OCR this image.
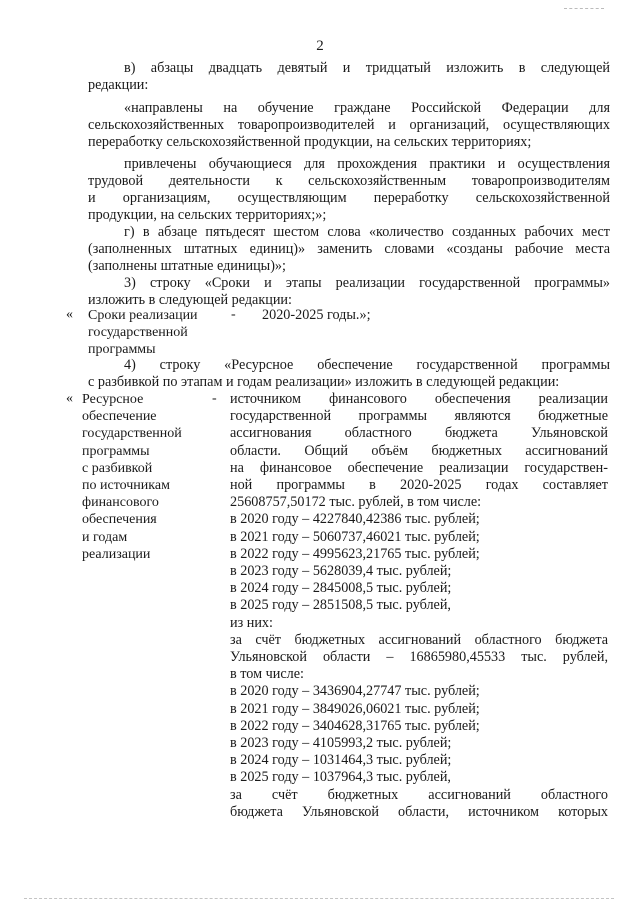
2

в) абзацы двадцать девятый и тридцатый изложить в следующей

редакции:

«направлены на обучение граждане Российской Федерации для

сельскохозяйственных товаропроизводителей и организаций, осуществляющих

переработку сельскохозяйственной продукции, на сельских территориях;

привлечены обучающиеся для прохождения практики и осуществления

трудовой деятельности к сельскохозяйственным товаропроизводителям

и организациям, осуществляющим переработку сельскохозяйственной

продукции, на сельских территориях;»;

г) в абзаце пятьдесят шестом слова «количество созданных рабочих мест

(заполненных штатных единиц)» заменить словами «созданы рабочие места

(заполнены штатные единицы)»;

3) строку «Сроки и этапы реализации государственной программы»

изложить в следующей редакции:

« Сроки реализации

государственной

программы

- 2020-2025 годы.»;

4) строку «Ресурсное обеспечение государственной программы

с разбивкой по этапам и годам реализации» изложить в следующей редакции:

« Ресурсное

обеспечение

государственной

программы

с разбивкой

по источникам

финансового

обеспечения

и годам

реализации

- источником финансового обеспечения реализации

государственной программы являются бюджетные

ассигнования областного бюджета Ульяновской

области. Общий объём бюджетных ассигнований

на финансовое обеспечение реализации государствен-

ной программы в 2020-2025 годах составляет

25608757,50172 тыс. рублей, в том числе:

в 2020 году – 4227840,42386 тыс. рублей;

в 2021 году – 5060737,46021 тыс. рублей;

в 2022 году – 4995623,21765 тыс. рублей;

в 2023 году – 5628039,4 тыс. рублей;

в 2024 году – 2845008,5 тыс. рублей;

в 2025 году – 2851508,5 тыс. рублей,

из них:

за счёт бюджетных ассигнований областного бюджета

Ульяновской области – 16865980,45533 тыс. рублей,

в том числе:

в 2020 году – 3436904,27747 тыс. рублей;

в 2021 году – 3849026,06021 тыс. рублей;

в 2022 году – 3404628,31765 тыс. рублей;

в 2023 году – 4105993,2 тыс. рублей;

в 2024 году – 1031464,3 тыс. рублей;

в 2025 году – 1037964,3 тыс. рублей,

за счёт бюджетных ассигнований областного

бюджета Ульяновской области, источником которых
